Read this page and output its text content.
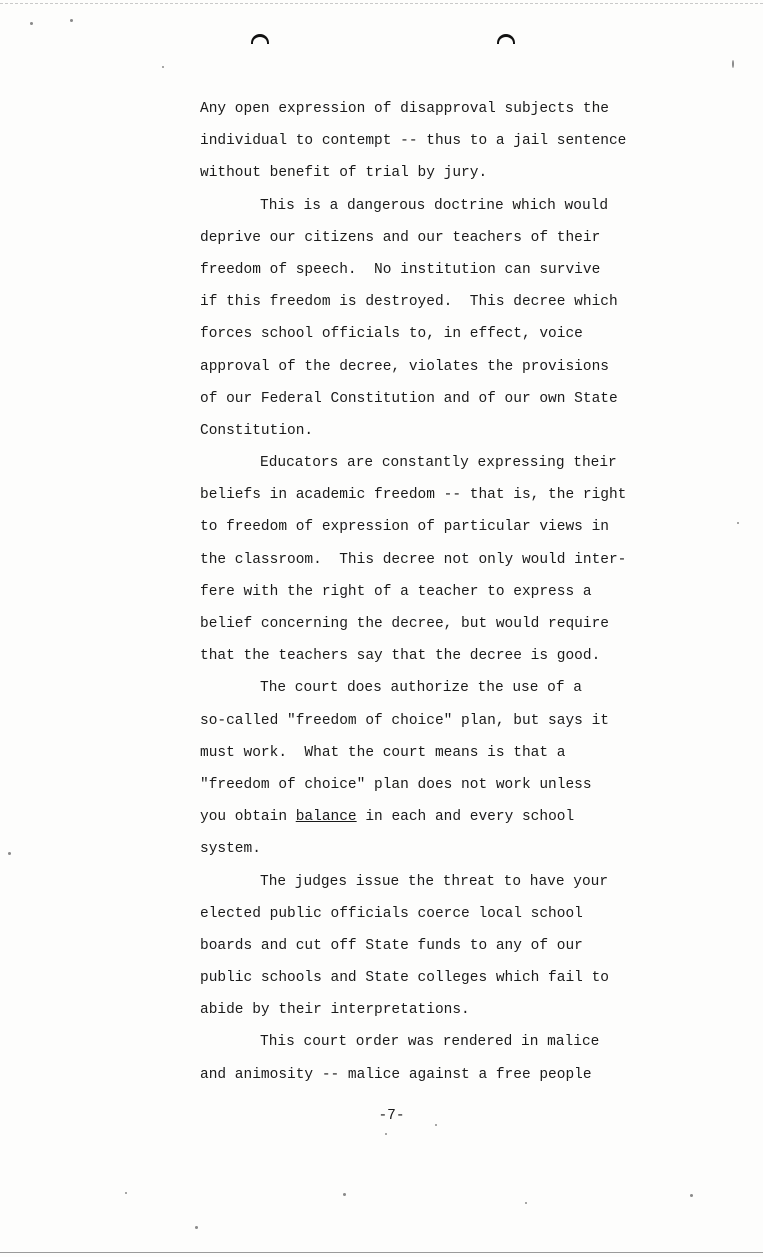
Any open expression of disapproval subjects the
individual to contempt -- thus to a jail sentence
without benefit of trial by jury.
This is a dangerous doctrine which would
deprive our citizens and our teachers of their
freedom of speech.  No institution can survive
if this freedom is destroyed.  This decree which
forces school officials to, in effect, voice
approval of the decree, violates the provisions
of our Federal Constitution and of our own State
Constitution.
Educators are constantly expressing their
beliefs in academic freedom -- that is, the right
to freedom of expression of particular views in
the classroom.  This decree not only would inter-
fere with the right of a teacher to express a
belief concerning the decree, but would require
that the teachers say that the decree is good.
The court does authorize the use of a
so-called "freedom of choice" plan, but says it
must work.  What the court means is that a
"freedom of choice" plan does not work unless
you obtain balance in each and every school
system.
The judges issue the threat to have your
elected public officials coerce local school
boards and cut off State funds to any of our
public schools and State colleges which fail to
abide by their interpretations.
This court order was rendered in malice
and animosity -- malice against a free people
-7-
